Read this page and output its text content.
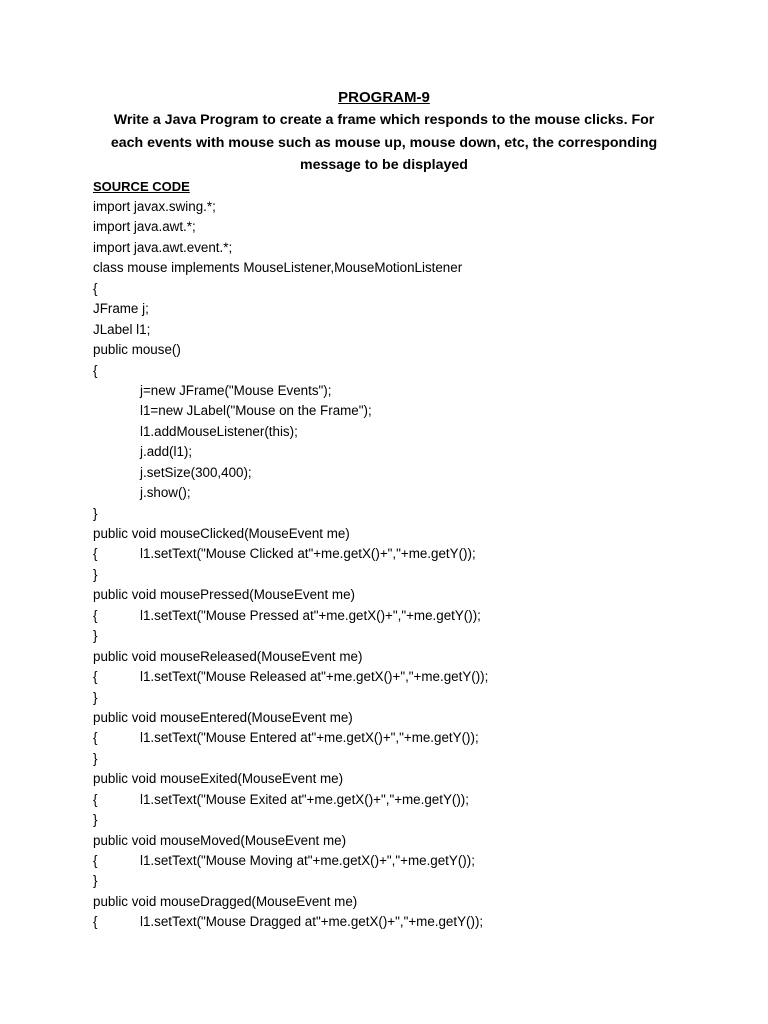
PROGRAM-9
Write a Java Program to create a frame which responds to the mouse clicks. For
each events with mouse such as mouse up, mouse down, etc, the corresponding
message to be displayed
SOURCE CODE
import javax.swing.*;
import java.awt.*;
import java.awt.event.*;
class mouse implements MouseListener,MouseMotionListener
{
JFrame j;
JLabel l1;
public mouse()
{
j=new JFrame("Mouse Events");
l1=new JLabel("Mouse on the Frame");
l1.addMouseListener(this);
j.add(l1);
j.setSize(300,400);
j.show();
}
public void mouseClicked(MouseEvent me)
{	l1.setText("Mouse Clicked at"+me.getX()+","+me.getY());
}
public void mousePressed(MouseEvent me)
{	l1.setText("Mouse Pressed at"+me.getX()+","+me.getY());
}
public void mouseReleased(MouseEvent me)
{	l1.setText("Mouse Released at"+me.getX()+","+me.getY());
}
public void mouseEntered(MouseEvent me)
{	l1.setText("Mouse Entered at"+me.getX()+","+me.getY());
}
public void mouseExited(MouseEvent me)
{	l1.setText("Mouse Exited at"+me.getX()+","+me.getY());
}
public void mouseMoved(MouseEvent me)
{	l1.setText("Mouse Moving at"+me.getX()+","+me.getY());
}
public void mouseDragged(MouseEvent me)
{	l1.setText("Mouse Dragged at"+me.getX()+","+me.getY());
